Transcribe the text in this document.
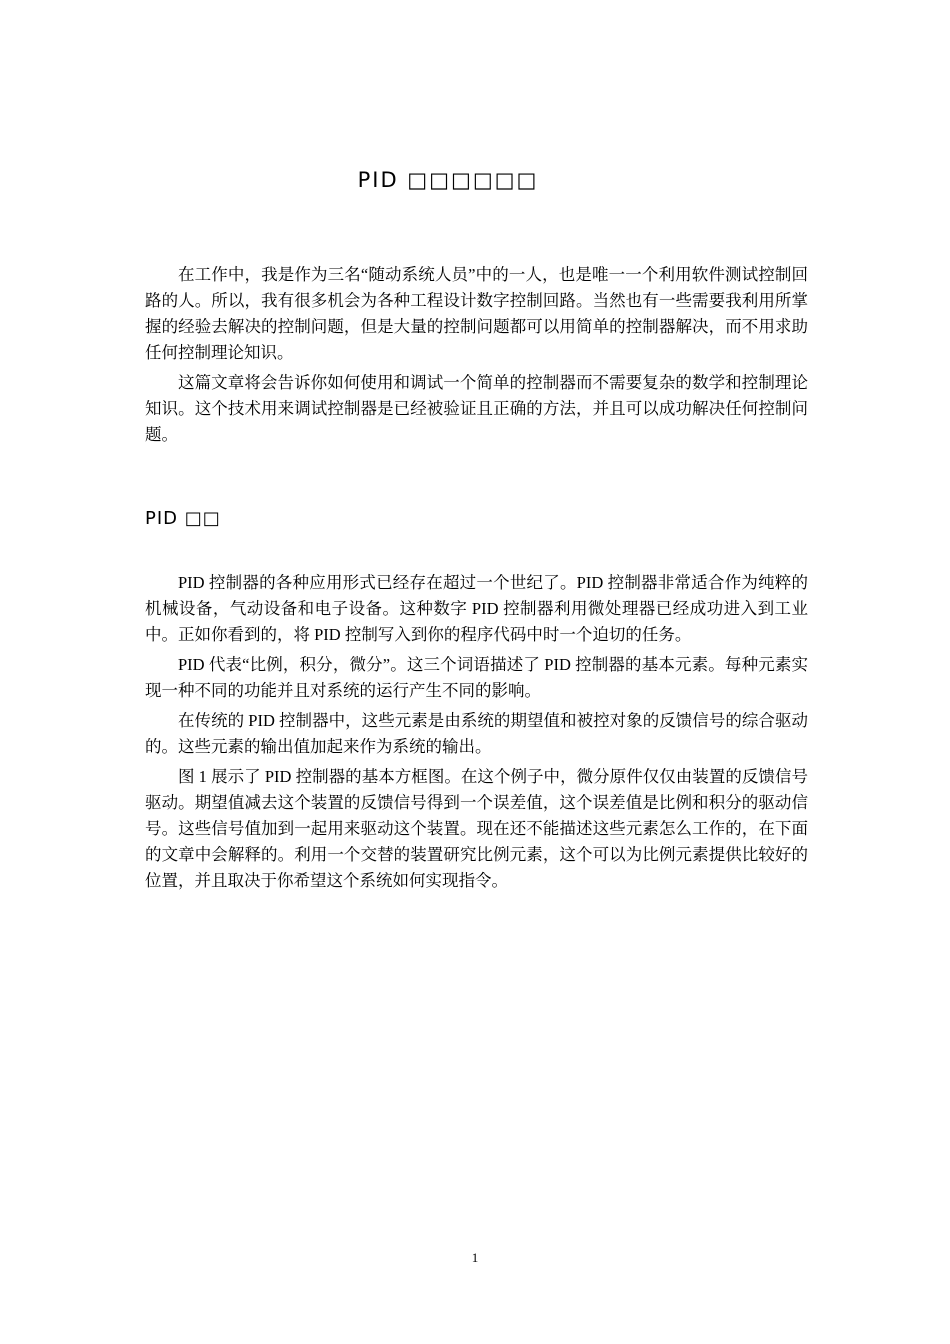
PID □□□□□□

在工作中，我是作为三名“随动系统人员”中的一人，也是唯一一个利用软件测试控制回路的人。所以，我有很多机会为各种工程设计数字控制回路。当然也有一些需要我利用所掌握的经验去解决的控制问题，但是大量的控制问题都可以用简单的控制器解决，而不用求助任何控制理论知识。

这篇文章将会告诉你如何使用和调试一个简单的控制器而不需要复杂的数学和控制理论知识。这个技术用来调试控制器是已经被验证且正确的方法，并且可以成功解决任何控制问题。

PID □□

PID 控制器的各种应用形式已经存在超过一个世纪了。PID 控制器非常适合作为纯粹的机械设备，气动设备和电子设备。这种数字 PID 控制器利用微处理器已经成功进入到工业中。正如你看到的，将 PID 控制写入到你的程序代码中时一个迫切的任务。

PID 代表“比例，积分，微分”。这三个词语描述了 PID 控制器的基本元素。每种元素实现一种不同的功能并且对系统的运行产生不同的影响。

在传统的 PID 控制器中，这些元素是由系统的期望值和被控对象的反馈信号的综合驱动的。这些元素的输出值加起来作为系统的输出。

图 1 展示了 PID 控制器的基本方框图。在这个例子中，微分原件仅仅由装置的反馈信号驱动。期望值减去这个装置的反馈信号得到一个误差值，这个误差值是比例和积分的驱动信号。这些信号值加到一起用来驱动这个装置。现在还不能描述这些元素怎么工作的，在下面的文章中会解释的。利用一个交替的装置研究比例元素，这个可以为比例元素提供比较好的位置，并且取决于你希望这个系统如何实现指令。

1
